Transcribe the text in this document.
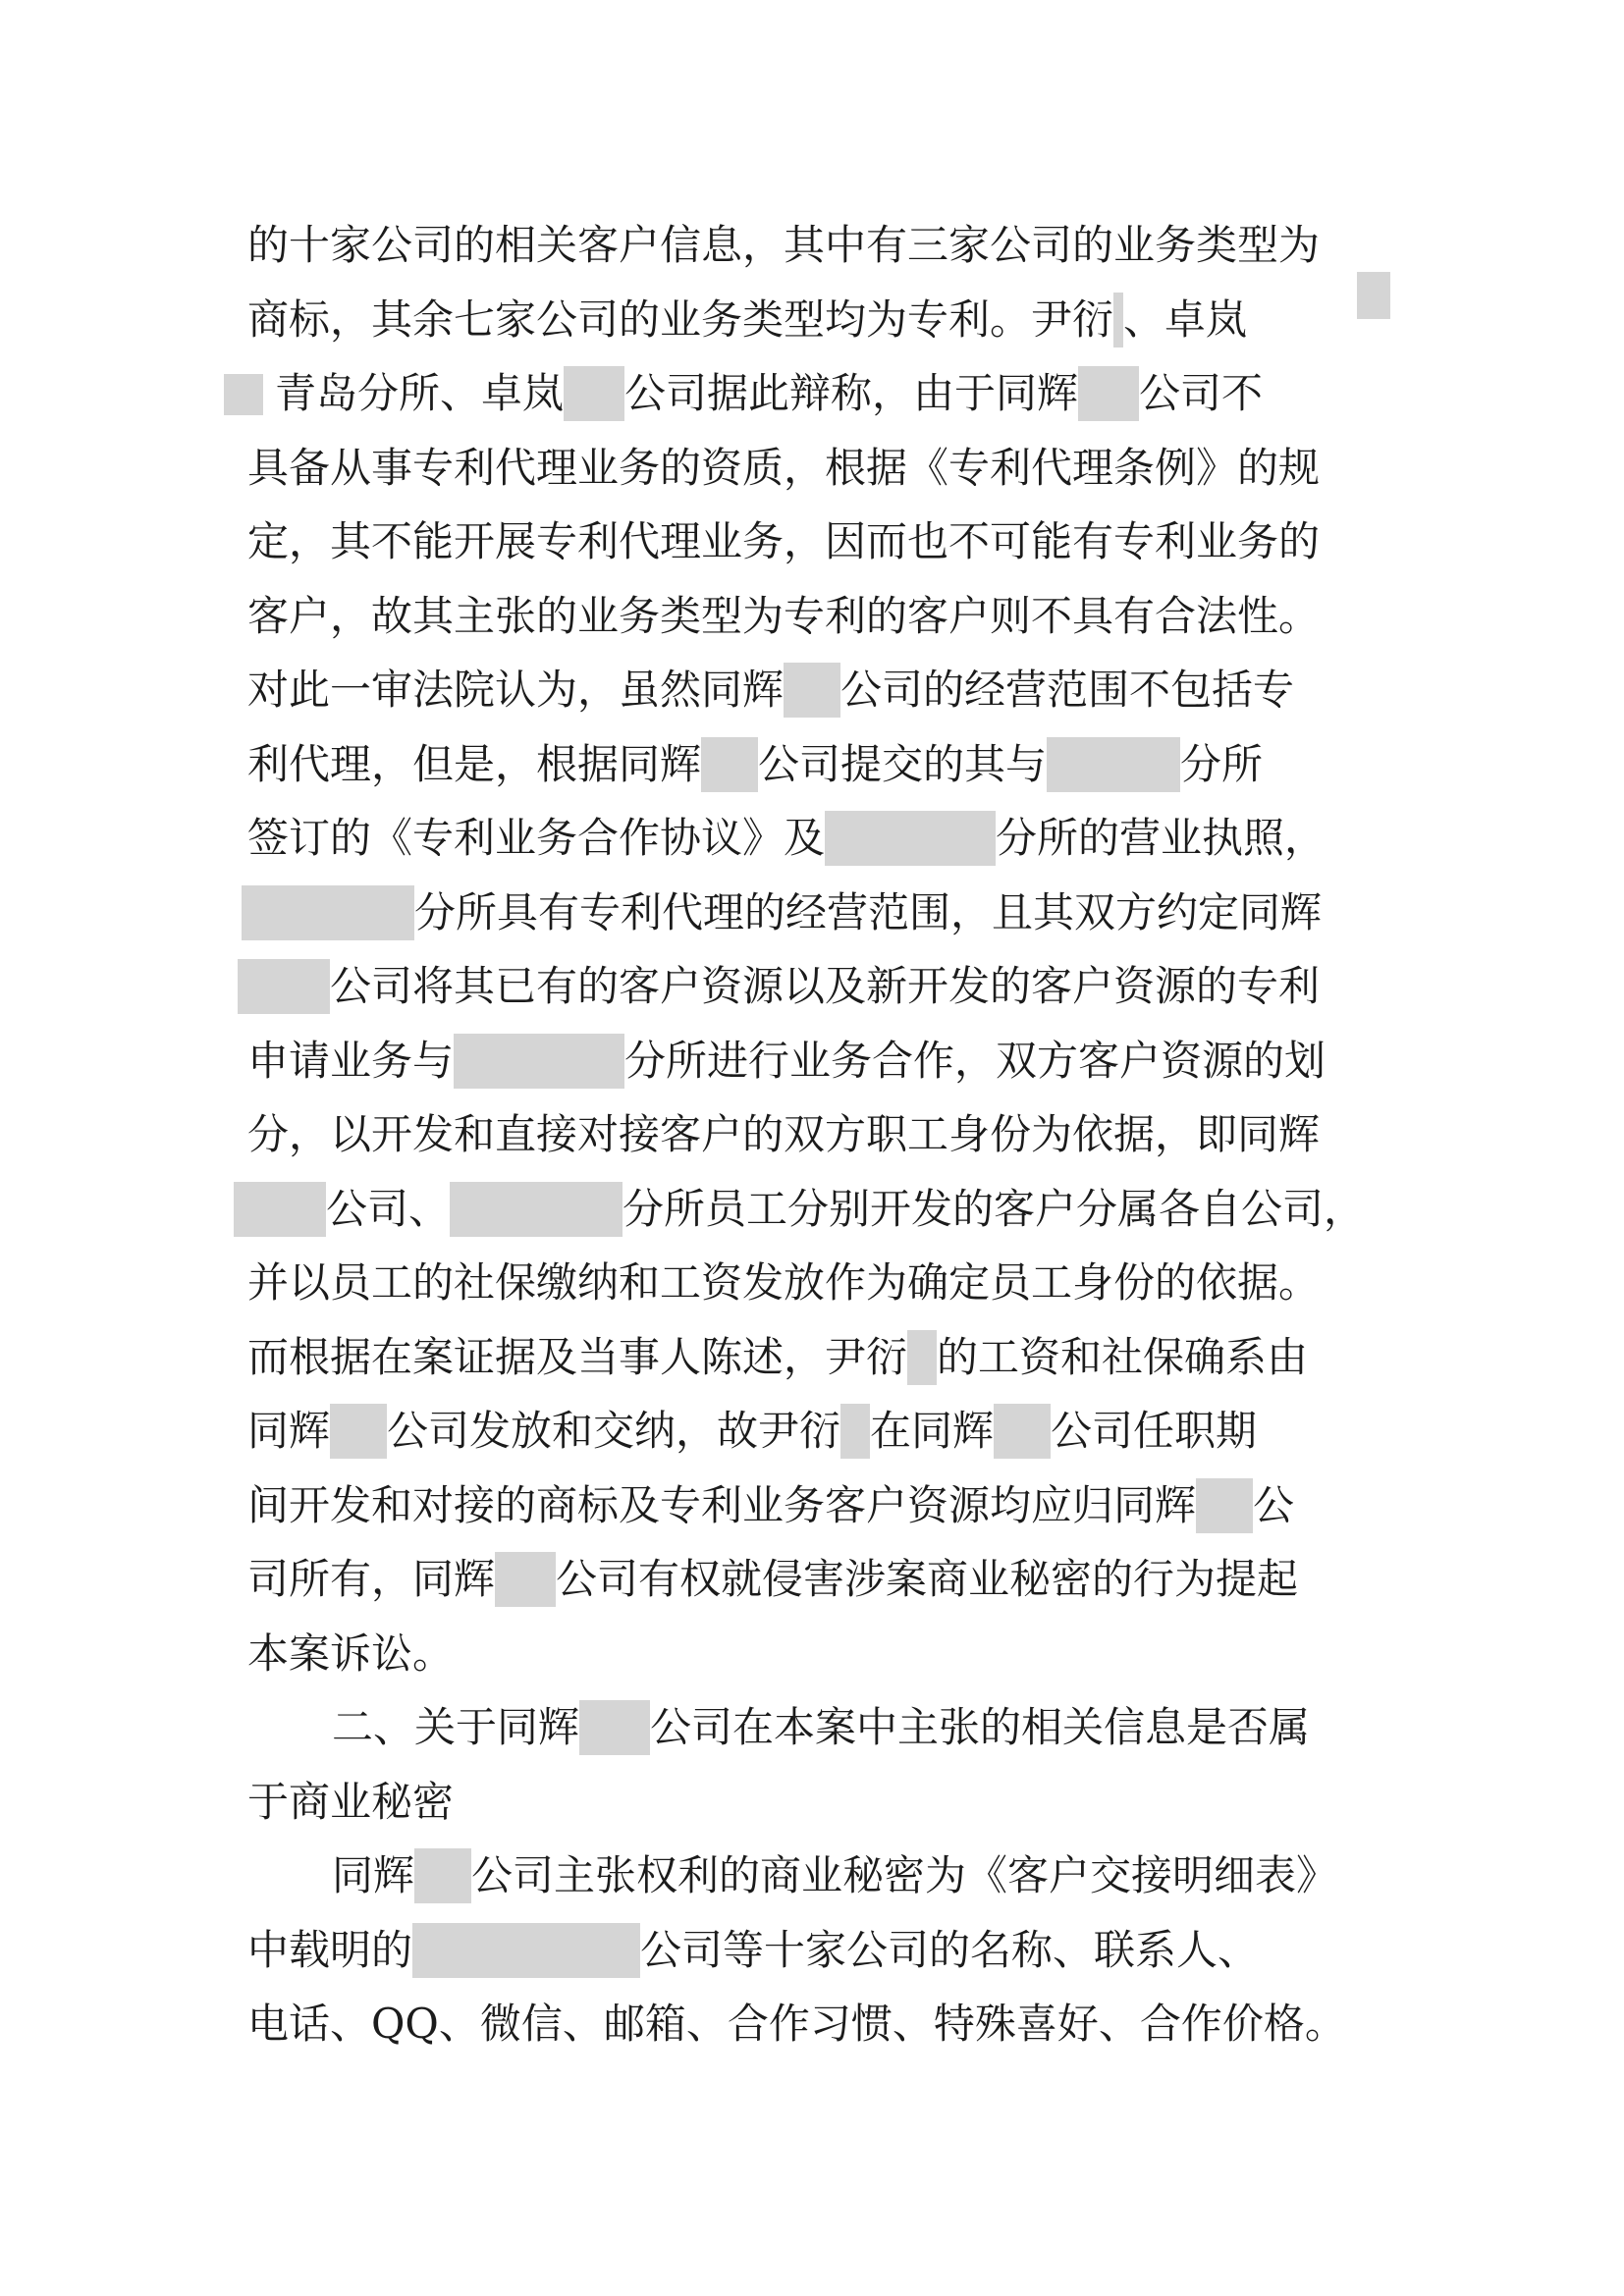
的十家公司的相关客户信息，其中有三家公司的业务类型为
商标，其余七家公司的业务类型均为专利。尹衍 、卓岚
青岛分所、卓岚 公司据此辩称，由于同辉 公司不
具备从事专利代理业务的资质，根据《专利代理条例》的规
定，其不能开展专利代理业务，因而也不可能有专利业务的
客户，故其主张的业务类型为专利的客户则不具有合法性。
对此一审法院认为，虽然同辉 公司的经营范围不包括专
利代理，但是，根据同辉 公司提交的其与	分所
签订的《专利业务合作协议》及	分所的营业执照，
分所具有专利代理的经营范围，且其双方约定同辉
公司将其已有的客户资源以及新开发的客户资源的专利
申请业务与	分所进行业务合作，双方客户资源的划
分，以开发和直接对接客户的双方职工身份为依据，即同辉
公司、	分所员工分别开发的客户分属各自公司，
并以员工的社保缴纳和工资发放作为确定员工身份的依据。
而根据在案证据及当事人陈述，尹衍 的工资和社保确系由
同辉 公司发放和交纳，故尹衍 在同辉 公司任职期
间开发和对接的商标及专利业务客户资源均应归同辉 公
司所有，同辉 公司有权就侵害涉案商业秘密的行为提起
本案诉讼。
二、关于同辉 公司在本案中主张的相关信息是否属
于商业秘密
同辉 公司主张权利的商业秘密为《客户交接明细表》
中载明的	公司等十家公司的名称、联系人、
电话、QQ、微信、邮箱、合作习惯、特殊喜好、合作价格。
